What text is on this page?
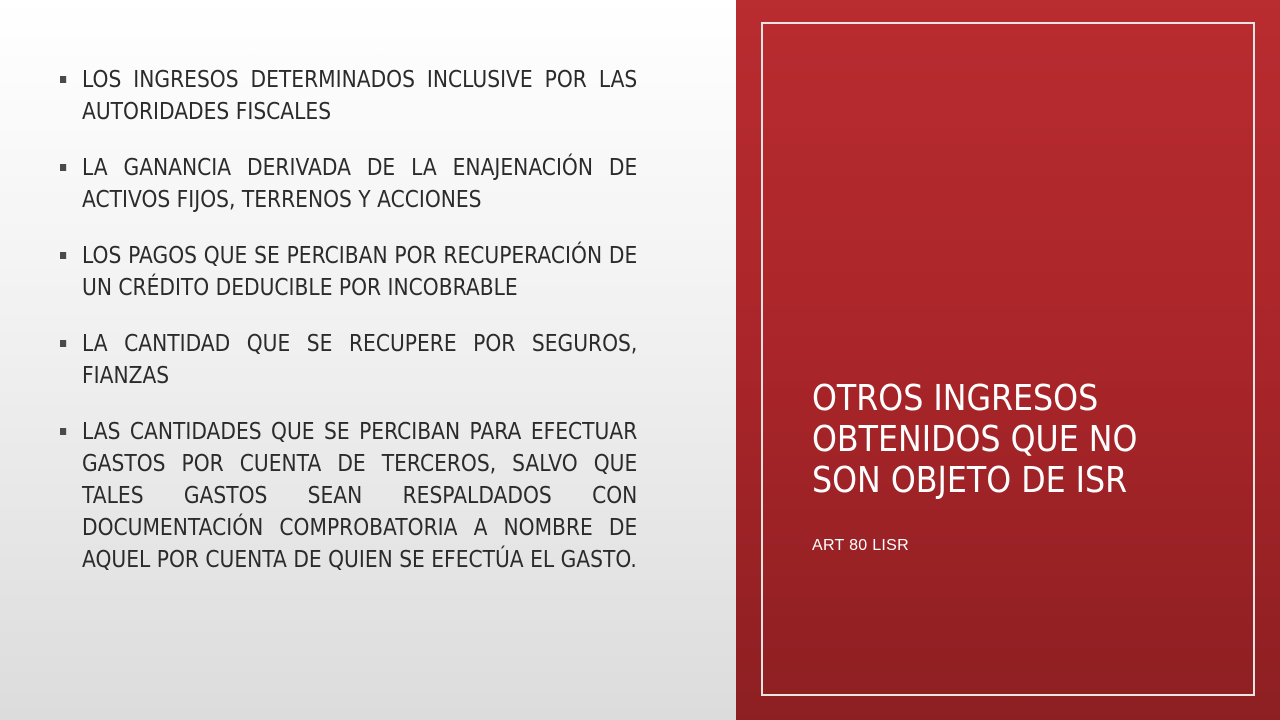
LOS INGRESOS DETERMINADOS INCLUSIVE POR LAS AUTORIDADES FISCALES
LA GANANCIA DERIVADA DE LA ENAJENACIÓN DE ACTIVOS FIJOS, TERRENOS Y ACCIONES
LOS PAGOS QUE SE PERCIBAN POR RECUPERACIÓN DE UN CRÉDITO DEDUCIBLE POR INCOBRABLE
LA CANTIDAD QUE SE RECUPERE POR SEGUROS, FIANZAS
LAS CANTIDADES QUE SE PERCIBAN PARA EFECTUAR GASTOS POR CUENTA DE TERCEROS, SALVO QUE TALES GASTOS SEAN RESPALDADOS CON DOCUMENTACIÓN COMPROBATORIA A NOMBRE DE AQUEL POR CUENTA DE QUIEN SE EFECTÚA EL GASTO.
OTROS INGRESOS OBTENIDOS QUE NO SON OBJETO DE ISR

ART 80 LISR
